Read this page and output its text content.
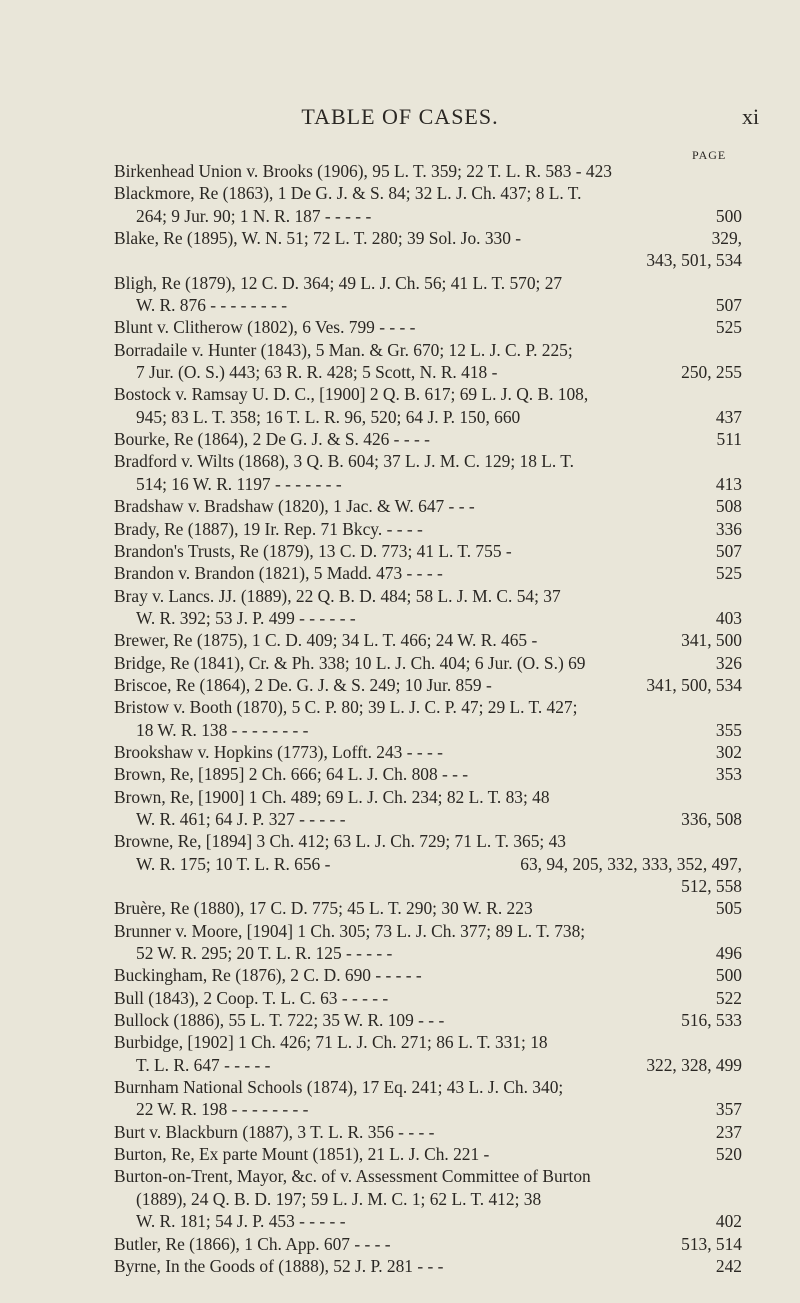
TABLE OF CASES.	xi
PAGE
Birkenhead Union v. Brooks (1906), 95 L. T. 359; 22 T. L. R. 583 - 423
Blackmore, Re (1863), 1 De G. J. & S. 84; 32 L. J. Ch. 437; 8 L. T.
264; 9 Jur. 90; 1 N. R. 187 - - - - -	500
Blake, Re (1895), W. N. 51; 72 L. T. 280; 39 Sol. Jo. 330 -	329,
343, 501, 534
Bligh, Re (1879), 12 C. D. 364; 49 L. J. Ch. 56; 41 L. T. 570; 27
W. R. 876 - - - - - - - -	507
Blunt v. Clitherow (1802), 6 Ves. 799 - - - -	525
Borradaile v. Hunter (1843), 5 Man. & Gr. 670; 12 L. J. C. P. 225;
7 Jur. (O. S.) 443; 63 R. R. 428; 5 Scott, N. R. 418 -	250, 255
Bostock v. Ramsay U. D. C., [1900] 2 Q. B. 617; 69 L. J. Q. B. 108,
945; 83 L. T. 358; 16 T. L. R. 96, 520; 64 J. P. 150, 660	437
Bourke, Re (1864), 2 De G. J. & S. 426 - - - -	511
Bradford v. Wilts (1868), 3 Q. B. 604; 37 L. J. M. C. 129; 18 L. T.
514; 16 W. R. 1197 - - - - - - -	413
Bradshaw v. Bradshaw (1820), 1 Jac. & W. 647 - - -	508
Brady, Re (1887), 19 Ir. Rep. 71 Bkcy. - - - -	336
Brandon's Trusts, Re (1879), 13 C. D. 773; 41 L. T. 755 -	507
Brandon v. Brandon (1821), 5 Madd. 473 - - - -	525
Bray v. Lancs. JJ. (1889), 22 Q. B. D. 484; 58 L. J. M. C. 54; 37
W. R. 392; 53 J. P. 499 - - - - - -	403
Brewer, Re (1875), 1 C. D. 409; 34 L. T. 466; 24 W. R. 465 -	341, 500
Bridge, Re (1841), Cr. & Ph. 338; 10 L. J. Ch. 404; 6 Jur. (O. S.) 69	326
Briscoe, Re (1864), 2 De. G. J. & S. 249; 10 Jur. 859 -	341, 500, 534
Bristow v. Booth (1870), 5 C. P. 80; 39 L. J. C. P. 47; 29 L. T. 427;
18 W. R. 138 - - - - - - - -	355
Brookshaw v. Hopkins (1773), Lofft. 243 - - - -	302
Brown, Re, [1895] 2 Ch. 666; 64 L. J. Ch. 808 - - -	353
Brown, Re, [1900] 1 Ch. 489; 69 L. J. Ch. 234; 82 L. T. 83; 48
W. R. 461; 64 J. P. 327 - - - - -	336, 508
Browne, Re, [1894] 3 Ch. 412; 63 L. J. Ch. 729; 71 L. T. 365; 43
W. R. 175; 10 T. L. R. 656 -	63, 94, 205, 332, 333, 352, 497,
512, 558
Bruère, Re (1880), 17 C. D. 775; 45 L. T. 290; 30 W. R. 223	505
Brunner v. Moore, [1904] 1 Ch. 305; 73 L. J. Ch. 377; 89 L. T. 738;
52 W. R. 295; 20 T. L. R. 125 - - - - -	496
Buckingham, Re (1876), 2 C. D. 690 - - - - -	500
Bull (1843), 2 Coop. T. L. C. 63 - - - - -	522
Bullock (1886), 55 L. T. 722; 35 W. R. 109 - - -	516, 533
Burbidge, [1902] 1 Ch. 426; 71 L. J. Ch. 271; 86 L. T. 331; 18
T. L. R. 647 - - - - -	322, 328, 499
Burnham National Schools (1874), 17 Eq. 241; 43 L. J. Ch. 340;
22 W. R. 198 - - - - - - - -	357
Burt v. Blackburn (1887), 3 T. L. R. 356 - - - -	237
Burton, Re, Ex parte Mount (1851), 21 L. J. Ch. 221 -	520
Burton-on-Trent, Mayor, &c. of v. Assessment Committee of Burton
(1889), 24 Q. B. D. 197; 59 L. J. M. C. 1; 62 L. T. 412; 38
W. R. 181; 54 J. P. 453 - - - - -	402
Butler, Re (1866), 1 Ch. App. 607 - - - -	513, 514
Byrne, In the Goods of (1888), 52 J. P. 281 - - -	242
